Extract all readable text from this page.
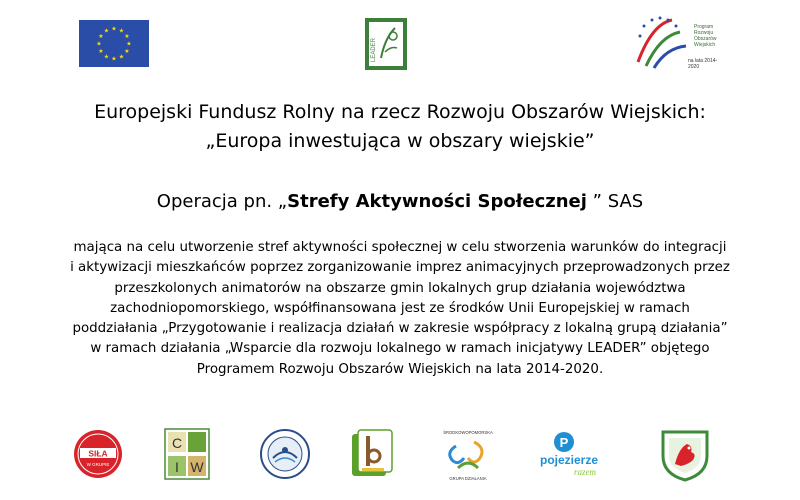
★ ★
★
★
★
★
★
★
★
★
★
★
LEADER
Program
Rozwoju
Obszarów
Wiejskich
na lata 2014-2020
Europejski Fundusz Rolny na rzecz Rozwoju Obszarów Wiejskich:
„Europa inwestująca w obszary wiejskie”
Operacja pn. „Strefy Aktywności Społecznej ” SAS
mająca na celu utworzenie stref aktywności społecznej w celu stworzenia warunków do integracji
i aktywizacji mieszkańców poprzez zorganizowanie imprez animacyjnych przeprowadzonych przez
przeszkolonych animatorów na obszarze gmin lokalnych grup działania województwa
zachodniopomorskiego, współfinansowana jest ze środków Unii Europejskiej w ramach
poddziałania „Przygotowanie i realizacja działań w zakresie współpracy z lokalną grupą działania”
w ramach działania „Wsparcie dla rozwoju lokalnego w ramach inicjatywy LEADER” objętego
Programem Rozwoju Obszarów Wiejskich na lata 2014-2020.
SIŁA
W GRUPIE
C
I W
ŚRODKOWOPOMORSKA
GRUPA DZIAŁANIA
P
pojezierze
razem
